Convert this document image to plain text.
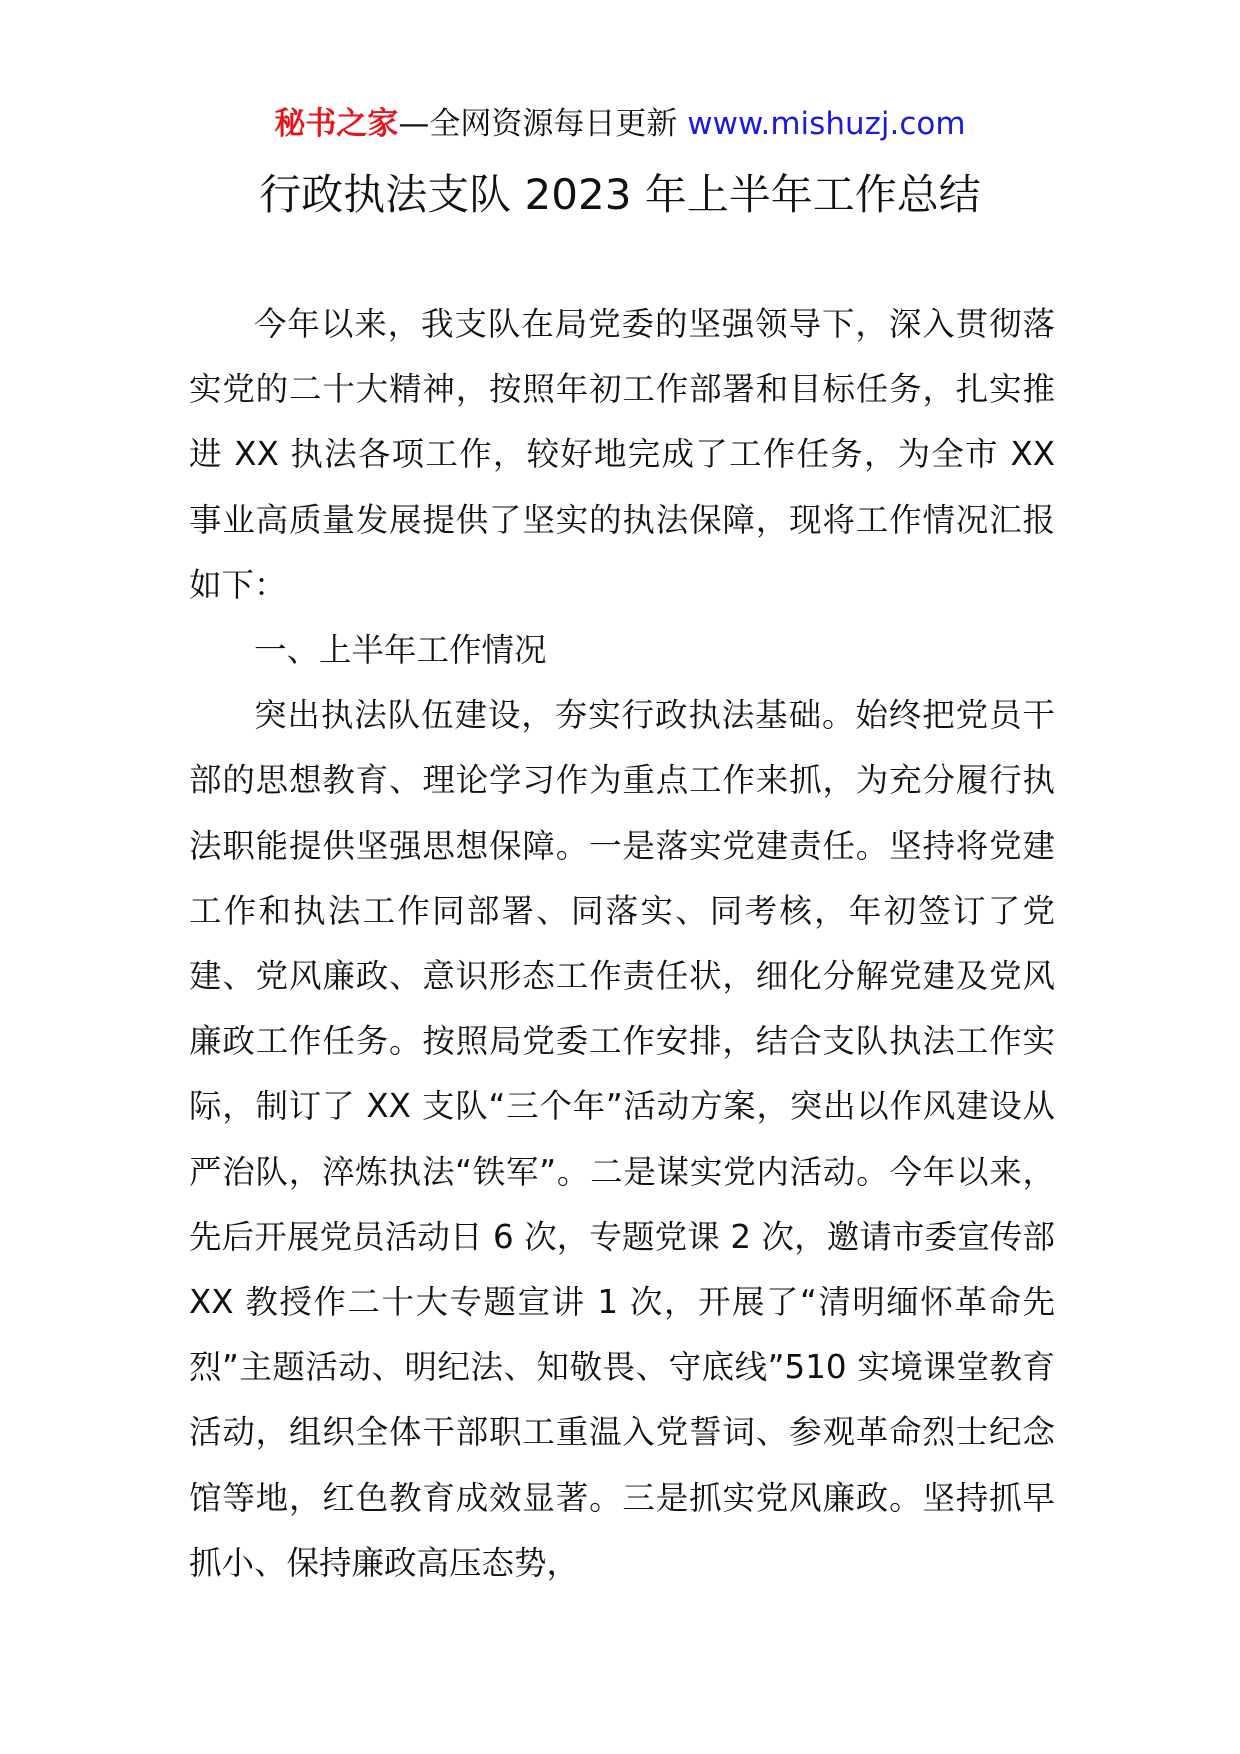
秘书之家—全网资源每日更新 www.mishuzj.com
行政执法支队 2023 年上半年工作总结

今年以来，我支队在局党委的坚强领导下，深入贯彻落实党的二十大精神，按照年初工作部署和目标任务，扎实推进 XX 执法各项工作，较好地完成了工作任务，为全市 XX 事业高质量发展提供了坚实的执法保障，现将工作情况汇报如下：

一、上半年工作情况

突出执法队伍建设，夯实行政执法基础。始终把党员干部的思想教育、理论学习作为重点工作来抓，为充分履行执法职能提供坚强思想保障。一是落实党建责任。坚持将党建工作和执法工作同部署、同落实、同考核，年初签订了党建、党风廉政、意识形态工作责任状，细化分解党建及党风廉政工作任务。按照局党委工作安排，结合支队执法工作实际，制订了 XX 支队“三个年”活动方案，突出以作风建设从严治队，淬炼执法“铁军”。二是谋实党内活动。今年以来，先后开展党员活动日 6 次，专题党课 2 次，邀请市委宣传部 XX 教授作二十大专题宣讲 1 次，开展了“清明缅怀革命先烈”主题活动、明纪法、知敬畏、守底线”510 实境课堂教育活动，组织全体干部职工重温入党誓词、参观革命烈士纪念馆等地，红色教育成效显著。三是抓实党风廉政。坚持抓早抓小、保持廉政高压态势，
